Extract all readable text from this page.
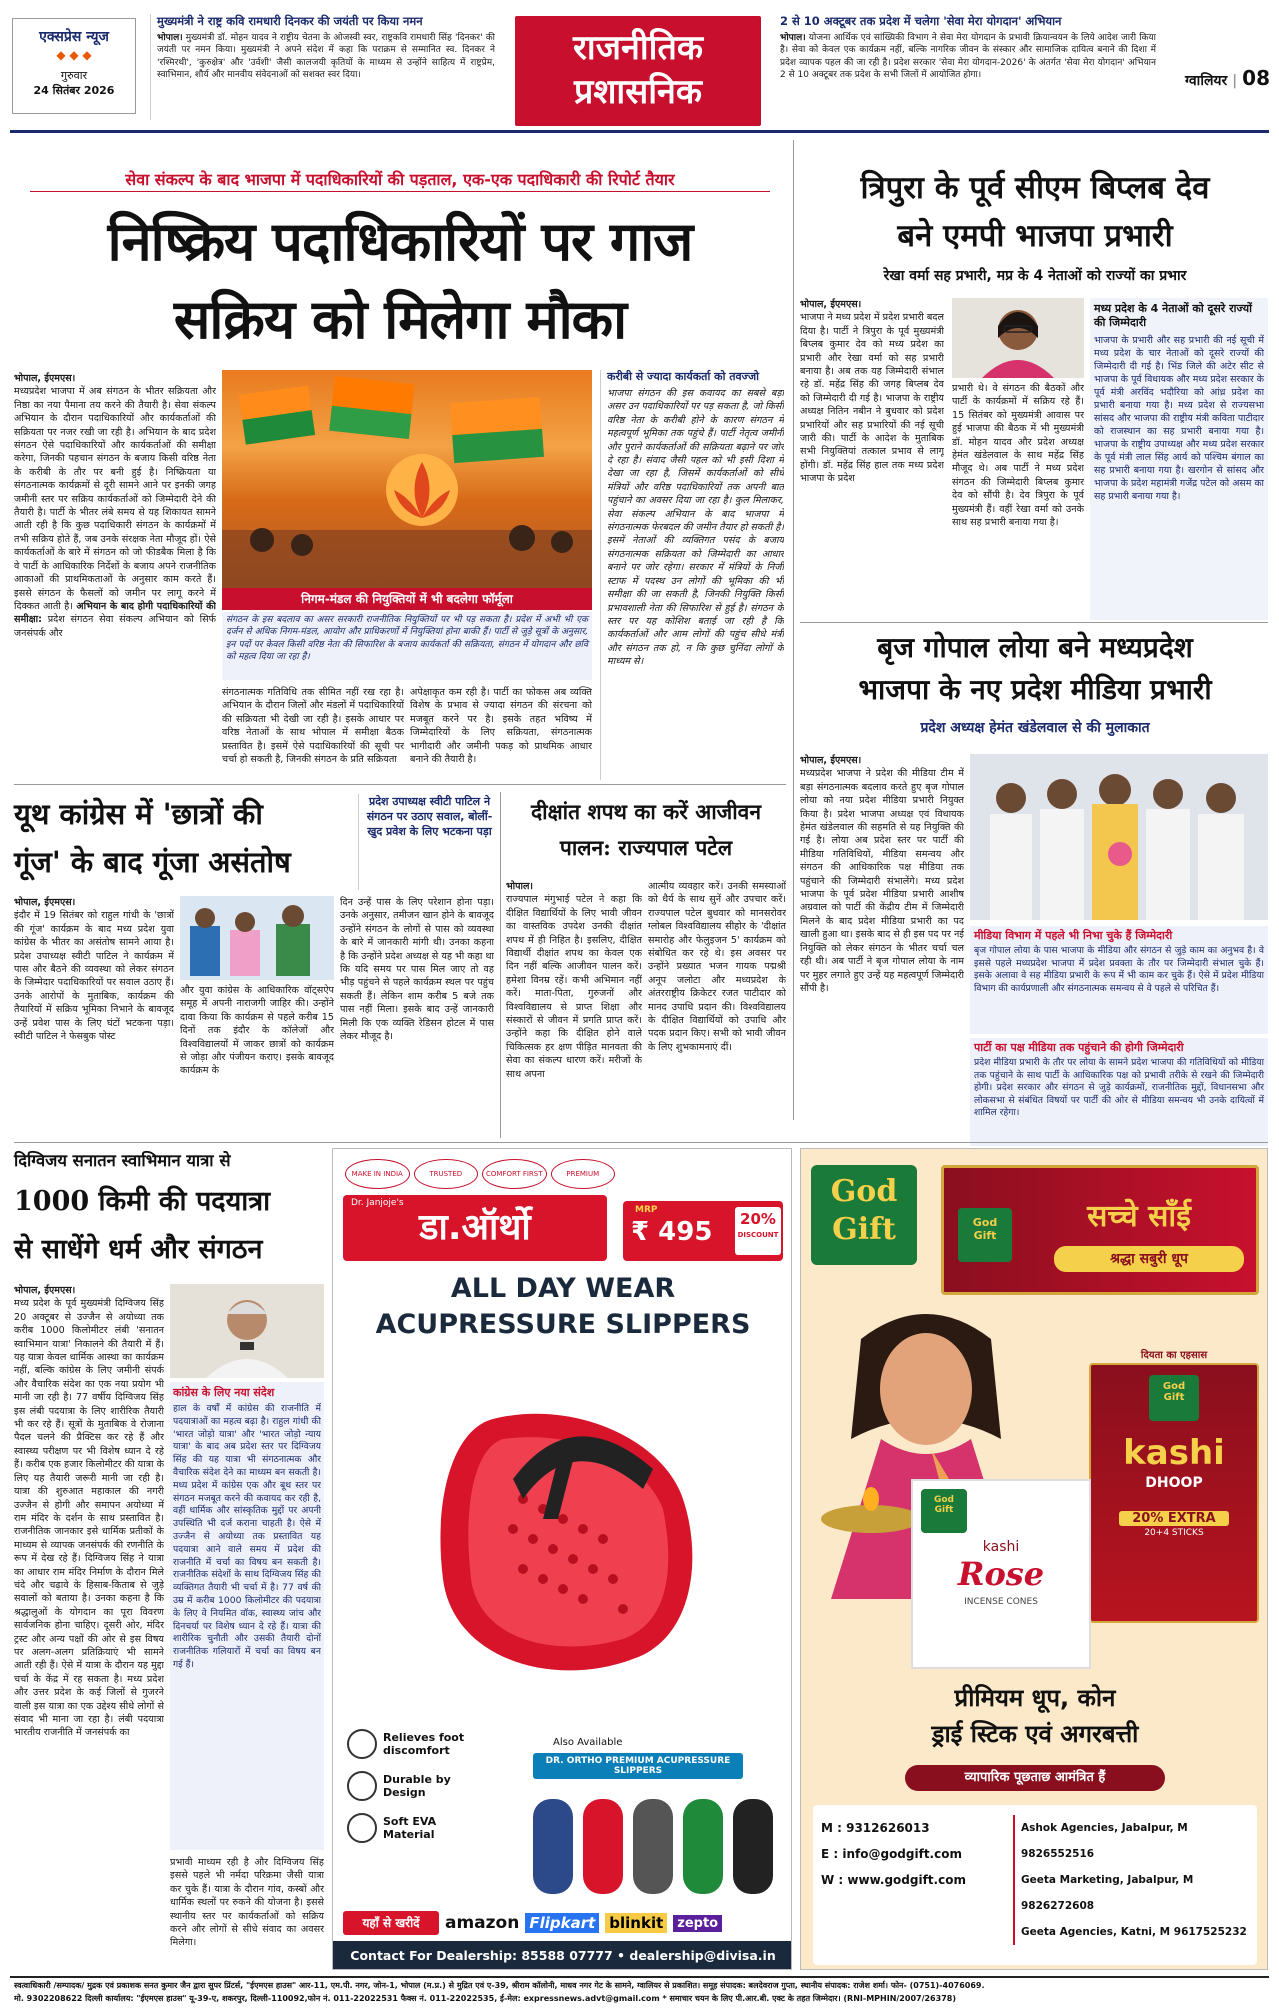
एक्सप्रेस न्यूज
◆ ◆ ◆
गुरुवार
24 सितंबर 2026
मुख्यमंत्री ने राष्ट्र कवि रामधारी दिनकर की जयंती पर किया नमन
भोपाल। मुख्यमंत्री डॉ. मोहन यादव ने राष्ट्रीय चेतना के ओजस्वी स्वर, राष्ट्रकवि रामधारी सिंह 'दिनकर' की जयंती पर नमन किया। मुख्यमंत्री ने अपने संदेश में कहा कि पराक्रम से सम्मानित स्व. दिनकर ने 'रश्मिरथी', 'कुरुक्षेत्र' और 'उर्वशी' जैसी कालजयी कृतियों के माध्यम से उन्होंने साहित्य में राष्ट्रप्रेम, स्वाभिमान, शौर्य और मानवीय संवेदनाओं को सशक्त स्वर दिया।
राजनीतिक
प्रशासनिक
2 से 10 अक्टूबर तक प्रदेश में चलेगा 'सेवा मेरा योगदान' अभियान
भोपाल। योजना आर्थिक एवं सांख्यिकी विभाग ने सेवा मेरा योगदान के प्रभावी क्रियान्वयन के लिये आदेश जारी किया है। सेवा को केवल एक कार्यक्रम नहीं, बल्कि नागरिक जीवन के संस्कार और सामाजिक दायित्व बनाने की दिशा में प्रदेश व्यापक पहल की जा रही है। प्रदेश सरकार 'सेवा मेरा योगदान-2026' के अंतर्गत 'सेवा मेरा योगदान' अभियान 2 से 10 अक्टूबर तक प्रदेश के सभी जिलों में आयोजित होगा।	ग्वालियर | 08
सेवा संकल्प के बाद भाजपा में पदाधिकारियों की पड़ताल, एक-एक पदाधिकारी की रिपोर्ट तैयार
निष्क्रिय पदाधिकारियों पर गाज
सक्रिय को मिलेगा मौका
भोपाल, ईएमएस।
मध्यप्रदेश भाजपा में अब संगठन के भीतर सक्रियता और निष्ठा का नया पैमाना तय करने की तैयारी है। सेवा संकल्प अभियान के दौरान पदाधिकारियों और कार्यकर्ताओं की सक्रियता पर नजर रखी जा रही है। अभियान के बाद प्रदेश संगठन ऐसे पदाधिकारियों और कार्यकर्ताओं की समीक्षा करेगा, जिनकी पहचान संगठन के बजाय किसी वरिष्ठ नेता के करीबी के तौर पर बनी हुई है। निष्क्रियता या संगठनात्मक कार्यक्रमों से दूरी सामने आने पर इनकी जगह जमीनी स्तर पर सक्रिय कार्यकर्ताओं को जिम्मेदारी देने की तैयारी है। पार्टी के भीतर लंबे समय से यह शिकायत सामने आती रही है कि कुछ पदाधिकारी संगठन के कार्यक्रमों में तभी सक्रिय होते हैं, जब उनके संरक्षक नेता मौजूद हों। ऐसे कार्यकर्ताओं के बारे में संगठन को जो फीडबैक मिला है कि वे पार्टी के आधिकारिक निर्देशों के बजाय अपने राजनीतिक आकाओं की प्राथमिकताओं के अनुसार काम करते हैं। इससे संगठन के फैसलों को जमीन पर लागू करने में दिक्कत आती है। अभियान के बाद होगी पदाधिकारियों की समीक्षा: प्रदेश संगठन सेवा संकल्प अभियान को सिर्फ जनसंपर्क और
निगम-मंडल की नियुक्तियों में भी बदलेगा फॉर्मूला
संगठन के इस बदलाव का असर सरकारी राजनीतिक नियुक्तियों पर भी पड़ सकता है। प्रदेश में अभी भी एक दर्जन से अधिक निगम-मंडल, आयोग और प्राधिकरणों में नियुक्तियां होना बाकी हैं। पार्टी से जुड़े सूत्रों के अनुसार, इन पदों पर केवल किसी वरिष्ठ नेता की सिफारिश के बजाय कार्यकर्ता की सक्रियता, संगठन में योगदान और छवि को महत्व दिया जा रहा है।
संगठनात्मक गतिविधि तक सीमित नहीं रख रहा है। अभियान के दौरान जिलों और मंडलों में पदाधिकारियों की सक्रियता भी देखी जा रही है। इसके आधार पर वरिष्ठ नेताओं के साथ भोपाल में समीक्षा बैठक प्रस्तावित है। इसमें ऐसे पदाधिकारियों की सूची पर चर्चा हो सकती है, जिनकी संगठन के प्रति सक्रियता
अपेक्षाकृत कम रही है। पार्टी का फोकस अब व्यक्ति विशेष के प्रभाव से ज्यादा संगठन की संरचना को मजबूत करने पर है। इसके तहत भविष्य में जिम्मेदारियों के लिए सक्रियता, संगठनात्मक भागीदारी और जमीनी पकड़ को प्राथमिक आधार बनाने की तैयारी है।
करीबी से ज्यादा कार्यकर्ता को तवज्जो
भाजपा संगठन की इस कवायद का सबसे बड़ा असर उन पदाधिकारियों पर पड़ सकता है, जो किसी वरिष्ठ नेता के करीबी होने के कारण संगठन में महत्वपूर्ण भूमिका तक पहुंचे हैं। पार्टी नेतृत्व जमीनी और पुराने कार्यकर्ताओं की सक्रियता बढ़ाने पर जोर दे रहा है। संवाद जैसी पहल को भी इसी दिशा में देखा जा रहा है, जिसमें कार्यकर्ताओं को सीधे मंत्रियों और वरिष्ठ पदाधिकारियों तक अपनी बात पहुंचाने का अवसर दिया जा रहा है। कुल मिलाकर, सेवा संकल्प अभियान के बाद भाजपा में संगठनात्मक फेरबदल की जमीन तैयार हो सकती है। इसमें नेताओं की व्यक्तिगत पसंद के बजाय संगठनात्मक सक्रियता को जिम्मेदारी का आधार बनाने पर जोर रहेगा। सरकार में मंत्रियों के निजी स्टाफ में पदस्थ उन लोगों की भूमिका की भी समीक्षा की जा सकती है, जिनकी नियुक्ति किसी प्रभावशाली नेता की सिफारिश से हुई है। संगठन के स्तर पर यह कोशिश बताई जा रही है कि कार्यकर्ताओं और आम लोगों की पहुंच सीधे मंत्री और संगठन तक हो, न कि कुछ चुनिंदा लोगों के माध्यम से।
त्रिपुरा के पूर्व सीएम बिप्लब देव
बने एमपी भाजपा प्रभारी
रेखा वर्मा सह प्रभारी, मप्र के 4 नेताओं को राज्यों का प्रभार
भोपाल, ईएमएस।
भाजपा ने मध्य प्रदेश में प्रदेश प्रभारी बदल दिया है। पार्टी ने त्रिपुरा के पूर्व मुख्यमंत्री बिप्लब कुमार देव को मध्य प्रदेश का प्रभारी और रेखा वर्मा को सह प्रभारी बनाया है। अब तक यह जिम्मेदारी संभाल रहे डॉ. महेंद्र सिंह की जगह बिप्लब देव को जिम्मेदारी दी गई है। भाजपा के राष्ट्रीय अध्यक्ष नितिन नबीन ने बुधवार को प्रदेश प्रभारियों और सह प्रभारियों की नई सूची जारी की। पार्टी के आदेश के मुताबिक सभी नियुक्तियां तत्काल प्रभाव से लागू होंगी। डॉ. महेंद्र सिंह हाल तक मध्य प्रदेश भाजपा के प्रदेश
प्रभारी थे। वे संगठन की बैठकों और पार्टी के कार्यक्रमों में सक्रिय रहे हैं। 15 सितंबर को मुख्यमंत्री आवास पर हुई भाजपा की बैठक में भी मुख्यमंत्री डॉ. मोहन यादव और प्रदेश अध्यक्ष हेमंत खंडेलवाल के साथ महेंद्र सिंह मौजूद थे। अब पार्टी ने मध्य प्रदेश संगठन की जिम्मेदारी बिप्लब कुमार देव को सौंपी है। देव त्रिपुरा के पूर्व मुख्यमंत्री हैं। वहीं रेखा वर्मा को उनके साथ सह प्रभारी बनाया गया है।
मध्य प्रदेश के 4 नेताओं को दूसरे राज्यों की जिम्मेदारी
भाजपा के प्रभारी और सह प्रभारी की नई सूची में मध्य प्रदेश के चार नेताओं को दूसरे राज्यों की जिम्मेदारी दी गई है। भिंड जिले की अटेर सीट से भाजपा के पूर्व विधायक और मध्य प्रदेश सरकार के पूर्व मंत्री अरविंद भदौरिया को आंध्र प्रदेश का प्रभारी बनाया गया है। मध्य प्रदेश से राज्यसभा सांसद और भाजपा की राष्ट्रीय मंत्री कविता पाटीदार को राजस्थान का सह प्रभारी बनाया गया है। भाजपा के राष्ट्रीय उपाध्यक्ष और मध्य प्रदेश सरकार के पूर्व मंत्री लाल सिंह आर्य को पश्चिम बंगाल का सह प्रभारी बनाया गया है। खरगोन से सांसद और भाजपा के प्रदेश महामंत्री गजेंद्र पटेल को असम का सह प्रभारी बनाया गया है।
बृज गोपाल लोया बने मध्यप्रदेश
भाजपा के नए प्रदेश मीडिया प्रभारी
प्रदेश अध्यक्ष हेमंत खंडेलवाल से की मुलाकात
भोपाल, ईएमएस।
मध्यप्रदेश भाजपा ने प्रदेश की मीडिया टीम में बड़ा संगठनात्मक बदलाव करते हुए बृज गोपाल लोया को नया प्रदेश मीडिया प्रभारी नियुक्त किया है। प्रदेश भाजपा अध्यक्ष एवं विधायक हेमंत खंडेलवाल की सहमति से यह नियुक्ति की गई है। लोया अब प्रदेश स्तर पर पार्टी की मीडिया गतिविधियों, मीडिया समन्वय और संगठन की आधिकारिक पक्ष मीडिया तक पहुंचाने की जिम्मेदारी संभालेंगे। मध्य प्रदेश भाजपा के पूर्व प्रदेश मीडिया प्रभारी आशीष अग्रवाल को पार्टी की केंद्रीय टीम में जिम्मेदारी मिलने के बाद प्रदेश मीडिया प्रभारी का पद खाली हुआ था। इसके बाद से ही इस पद पर नई नियुक्ति को लेकर संगठन के भीतर चर्चा चल रही थी। अब पार्टी ने बृज गोपाल लोया के नाम पर मुहर लगाते हुए उन्हें यह महत्वपूर्ण जिम्मेदारी सौंपी है।
मीडिया विभाग में पहले भी निभा चुके हैं जिम्मेदारी
बृज गोपाल लोया के पास भाजपा के मीडिया और संगठन से जुड़े काम का अनुभव है। वे इससे पहले मध्यप्रदेश भाजपा में प्रदेश प्रवक्ता के तौर पर जिम्मेदारी संभाल चुके हैं। इसके अलावा वे सह मीडिया प्रभारी के रूप में भी काम कर चुके हैं। ऐसे में प्रदेश मीडिया विभाग की कार्यप्रणाली और संगठनात्मक समन्वय से वे पहले से परिचित हैं।
पार्टी का पक्ष मीडिया तक पहुंचाने की होगी जिम्मेदारी
प्रदेश मीडिया प्रभारी के तौर पर लोया के सामने प्रदेश भाजपा की गतिविधियों को मीडिया तक पहुंचाने के साथ पार्टी के आधिकारिक पक्ष को प्रभावी तरीके से रखने की जिम्मेदारी होगी। प्रदेश सरकार और संगठन से जुड़े कार्यक्रमों, राजनीतिक मुद्दों, विधानसभा और लोकसभा से संबंधित विषयों पर पार्टी की ओर से मीडिया समन्वय भी उनके दायित्वों में शामिल रहेगा।
यूथ कांग्रेस में 'छात्रों की
गूंज' के बाद गूंजा असंतोष
प्रदेश उपाध्यक्ष स्वीटी पाटिल ने संगठन पर उठाए सवाल, बोलीं- खुद प्रवेश के लिए भटकना पड़ा
भोपाल, ईएमएस।
इंदौर में 19 सितंबर को राहुल गांधी के 'छात्रों की गूंज' कार्यक्रम के बाद मध्य प्रदेश युवा कांग्रेस के भीतर का असंतोष सामने आया है। प्रदेश उपाध्यक्ष स्वीटी पाटिल ने कार्यक्रम में पास और बैठने की व्यवस्था को लेकर संगठन के जिम्मेदार पदाधिकारियों पर सवाल उठाए हैं। उनके आरोपों के मुताबिक, कार्यक्रम की तैयारियों में सक्रिय भूमिका निभाने के बावजूद उन्हें प्रवेश पास के लिए घंटों भटकना पड़ा। स्वीटी पाटिल ने फेसबुक पोस्ट
और युवा कांग्रेस के आधिकारिक वॉट्सऐप समूह में अपनी नाराजगी जाहिर की। उन्होंने दावा किया कि कार्यक्रम से पहले करीब 15 दिनों तक इंदौर के कॉलेजों और विश्वविद्यालयों में जाकर छात्रों को कार्यक्रम से जोड़ा और पंजीयन कराए। इसके बावजूद कार्यक्रम के
दिन उन्हें पास के लिए परेशान होना पड़ा। उनके अनुसार, तमीजन खान होने के बावजूद उन्होंने संगठन के लोगों से पास को व्यवस्था के बारे में जानकारी मांगी थी। उनका कहना है कि उन्होंने प्रदेश अध्यक्ष से यह भी कहा था कि यदि समय पर पास मिल जाए तो वह भीड़ पहुंचने से पहले कार्यक्रम स्थल पर पहुंच सकती हैं। लेकिन शाम करीब 5 बजे तक पास नहीं मिला। इसके बाद उन्हें जानकारी मिली कि एक व्यक्ति रेडिसन होटल में पास लेकर मौजूद है।
दीक्षांत शपथ का करें आजीवन
पालन: राज्यपाल पटेल
भोपाल।
राज्यपाल मंगुभाई पटेल ने कहा कि दीक्षित विद्यार्थियों के लिए भावी जीवन का वास्तविक उपदेश उनकी दीक्षांत शपथ में ही निहित है। इसलिए, दीक्षित विद्यार्थी दीक्षांत शपथ का केवल एक दिन नहीं बल्कि आजीवन पालन करें। हमेशा विनम्र रहें। कभी अभिमान नहीं करें। माता-पिता, गुरुजनों और विश्वविद्यालय से प्राप्त शिक्षा और संस्कारों से जीवन में प्रगति प्राप्त करें। उन्होंने कहा कि दीक्षित होने वाले चिकित्सक हर क्षण पीड़ित मानवता की सेवा का संकल्प धारण करें। मरीजों के साथ अपना
आत्मीय व्यवहार करें। उनकी समस्याओं को धैर्य के साथ सुनें और उपचार करें। राज्यपाल पटेल बुधवार को मानसरोवर ग्लोबल विश्वविद्यालय सीहोर के 'दीक्षांत समारोह और फेलुइजन 5' कार्यक्रम को संबोधित कर रहे थे। इस अवसर पर उन्होंने प्रख्यात भजन गायक पद्मश्री अनूप जलोटा और मध्यप्रदेश के अंतरराष्ट्रीय क्रिकेटर रजत पाटीदार को मानद उपाधि प्रदान की। विश्वविद्यालय के दीक्षित विद्यार्थियों को उपाधि और पदक प्रदान किए। सभी को भावी जीवन के लिए शुभकामनाएं दीं।
दिग्विजय सनातन स्वाभिमान यात्रा से
1000 किमी की पदयात्रा
से साधेंगे धर्म और संगठन
भोपाल, ईएमएस।
मध्य प्रदेश के पूर्व मुख्यमंत्री दिग्विजय सिंह 20 अक्टूबर से उज्जैन से अयोध्या तक करीब 1000 किलोमीटर लंबी 'सनातन स्वाभिमान यात्रा' निकालने की तैयारी में हैं। यह यात्रा केवल धार्मिक आस्था का कार्यक्रम नहीं, बल्कि कांग्रेस के लिए जमीनी संपर्क और वैचारिक संदेश का एक नया प्रयोग भी मानी जा रही है। 77 वर्षीय दिग्विजय सिंह इस लंबी पदयात्रा के लिए शारीरिक तैयारी भी कर रहे हैं। सूत्रों के मुताबिक वे रोजाना पैदल चलने की प्रैक्टिस कर रहे हैं और स्वास्थ्य परीक्षण पर भी विशेष ध्यान दे रहे हैं। करीब एक हजार किलोमीटर की यात्रा के लिए यह तैयारी जरूरी मानी जा रही है। यात्रा की शुरुआत महाकाल की नगरी उज्जैन से होगी और समापन अयोध्या में राम मंदिर के दर्शन के साथ प्रस्तावित है। राजनीतिक जानकार इसे धार्मिक प्रतीकों के माध्यम से व्यापक जनसंपर्क की रणनीति के रूप में देख रहे हैं। दिग्विजय सिंह ने यात्रा का आधार राम मंदिर निर्माण के दौरान मिले चंदे और चढ़ावे के हिसाब-किताब से जुड़े सवालों को बताया है। उनका कहना है कि श्रद्धालुओं के योगदान का पूरा विवरण सार्वजनिक होना चाहिए। दूसरी ओर, मंदिर ट्रस्ट और अन्य पक्षों की ओर से इस विषय पर अलग-अलग प्रतिक्रियाएं भी सामने आती रही हैं। ऐसे में यात्रा के दौरान यह मुद्दा चर्चा के केंद्र में रह सकता है। मध्य प्रदेश और उत्तर प्रदेश के कई जिलों से गुजरने वाली इस यात्रा का एक उद्देश्य सीधे लोगों से संवाद भी माना जा रहा है। लंबी पदयात्रा भारतीय राजनीति में जनसंपर्क का
कांग्रेस के लिए नया संदेश
हाल के वर्षों में कांग्रेस की राजनीति में पदयात्राओं का महत्व बढ़ा है। राहुल गांधी की 'भारत जोड़ो यात्रा' और 'भारत जोड़ो न्याय यात्रा' के बाद अब प्रदेश स्तर पर दिग्विजय सिंह की यह यात्रा भी संगठनात्मक और वैचारिक संदेश देने का माध्यम बन सकती है। मध्य प्रदेश में कांग्रेस एक और बूथ स्तर पर संगठन मजबूत करने की कवायद कर रही है, वहीं धार्मिक और सांस्कृतिक मुद्दों पर अपनी उपस्थिति भी दर्ज कराना चाहती है। ऐसे में उज्जैन से अयोध्या तक प्रस्तावित यह पदयात्रा आने वाले समय में प्रदेश की राजनीति में चर्चा का विषय बन सकती है। राजनीतिक संदेशों के साथ दिग्विजय सिंह की व्यक्तिगत तैयारी भी चर्चा में है। 77 वर्ष की उम्र में करीब 1000 किलोमीटर की पदयात्रा के लिए वे नियमित वॉक, स्वास्थ्य जांच और दिनचर्या पर विशेष ध्यान दे रहे हैं। यात्रा की शारीरिक चुनौती और उसकी तैयारी दोनों राजनीतिक गलियारों में चर्चा का विषय बन गई हैं।
प्रभावी माध्यम रही है और दिग्विजय सिंह इससे पहले भी नर्मदा परिक्रमा जैसी यात्रा कर चुके हैं। यात्रा के दौरान गांव, कस्बों और धार्मिक स्थलों पर रुकने की योजना है। इससे स्थानीय स्तर पर कार्यकर्ताओं को सक्रिय करने और लोगों से सीधे संवाद का अवसर मिलेगा।
MAKE IN INDIA	TRUSTED	COMFORT FIRST	PREMIUM
Dr. Janjoje's
डा.ऑर्थो	MRP
₹ 495	20%
DISCOUNT
ALL DAY WEAR
ACUPRESSURE SLIPPERS
Relieves foot discomfort
Durable by Design
Soft EVA Material
Also Available
DR. ORTHO PREMIUM ACUPRESSURE SLIPPERS
यहाँ से खरीदें	amazon Flipkart blinkit	zepto
Contact For Dealership: 85588 07777 • dealership@divisa.in
God
Gift	God
Gift
सच्चे साँई
श्रद्धा सबुरी धूप
दियता का एहसास
God
Gift
kashi
DHOOP
20% EXTRA
20+4 STICKS
God
Gift
kashi
Rose
INCENSE CONES
प्रीमियम धूप, कोन
ड्राई स्टिक एवं अगरबत्ती
व्यापारिक पूछताछ आमंत्रित हैं
M : 9312626013
E : info@godgift.com
W : www.godgift.com
Ashok Agencies, Jabalpur, M 9826552516
Geeta Marketing, Jabalpur, M 9826272608
Geeta Agencies, Katni, M 9617525232
स्वत्वाधिकारी /सम्पादक/ मुद्रक एवं प्रकाशक सनत कुमार जैन द्वारा सुपर प्रिंटर्स, "ईएमएस हाउस" आर-11, एम.पी. नगर, जोन-1, भोपाल (म.प्र.) से मुद्रित एवं ए-39, श्रीराम कॉलोनी, माधव नगर गेट के सामने, ग्वालियर से प्रकाशित। समूह संपादक: बलदेवराज गुप्ता, स्थानीय संपादक: राजेश शर्मा। फोन- (0751)-4076069.
मो. 9302208622 दिल्ली कार्यालय: "ईएमएस हाउस" यू-39-ए, शकरपुर, दिल्ली-110092,फोन नं. 011-22022531 फैक्स नं. 011-22022535, ई-मेल: expressnews.advt@gmail.com * समाचार चयन के लिए पी.आर.बी. एक्ट के तहत जिम्मेदार। (RNI-MPHIN/2007/26378)
